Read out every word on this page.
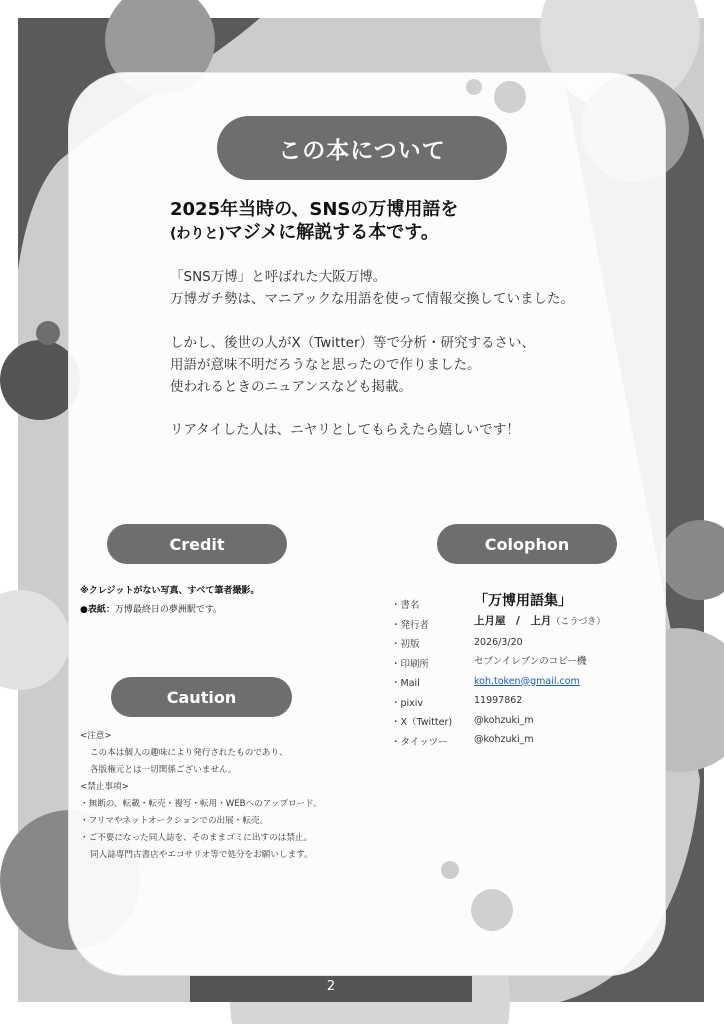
この本について
2025年当時の、SNSの万博用語を
(わりと)マジメに解説する本です。
「SNS万博」と呼ばれた大阪万博。
万博ガチ勢は、マニアックな用語を使って情報交換していました。
しかし、後世の人がX（Twitter）等で分析・研究するさい、
用語が意味不明だろうなと思ったので作りました。
使われるときのニュアンスなども掲載。
リアタイした人は、ニヤリとしてもらえたら嬉しいです！
Credit
※クレジットがない写真、すべて筆者撮影。
●表紙：万博最終日の夢洲駅です。
Caution
<注意>
この本は個人の趣味により発行されたものであり、
各版権元とは一切関係ございません。
<禁止事項>
・無断の、転載・転売・複写・転用・WEBへのアップロード。
・フリマやネットオークションでの出展・転売。
・ご不要になった同人誌を、そのままゴミに出すのは禁止。
同人誌専門古書店やエコサリオ等で処分をお願いします。
Colophon
・書名
・発行者
・初版
・印刷所
・Mail
・pixiv
・X（Twitter)
・タイッツー
「万博用語集」
上月屋　/　上月（こうづき）
2026/3/20
セブンイレブンのコピー機
koh.token@gmail.com
11997862
@kohzuki_m
@kohzuki_m
2
